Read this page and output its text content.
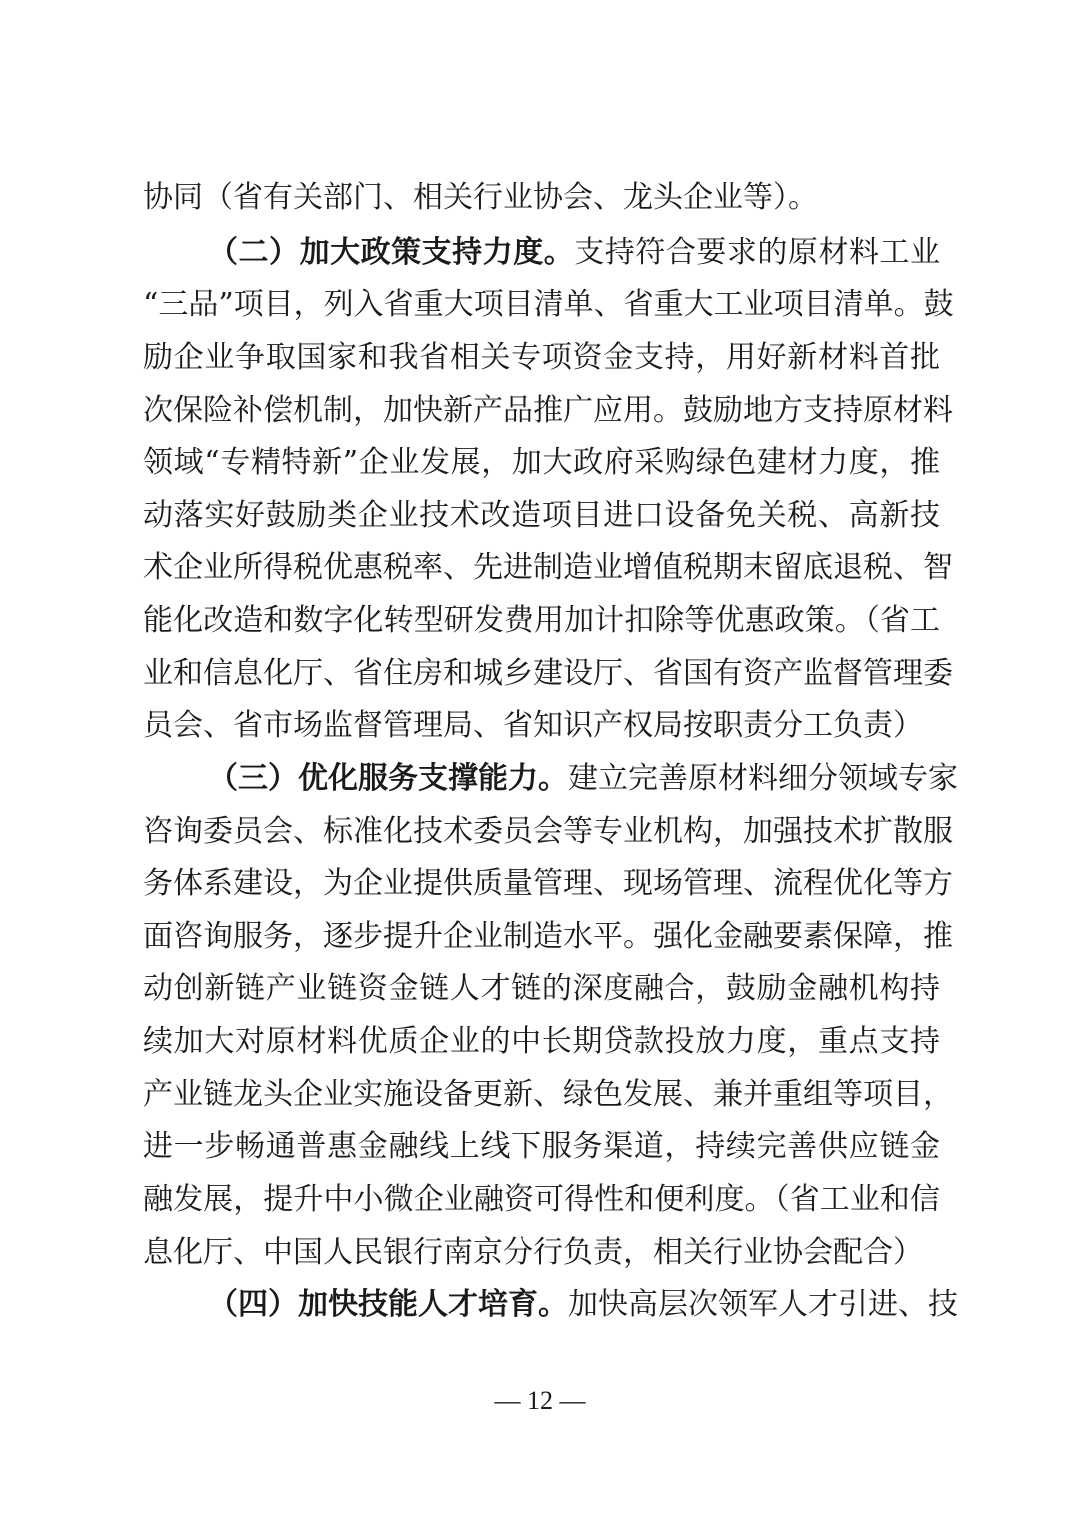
协同（省有关部门、相关行业协会、龙头企业等）。
（二）加大政策支持力度。支持符合要求的原材料工业
“三品”项目，列入省重大项目清单、省重大工业项目清单。鼓
励企业争取国家和我省相关专项资金支持，用好新材料首批
次保险补偿机制，加快新产品推广应用。鼓励地方支持原材料
领域“专精特新”企业发展，加大政府采购绿色建材力度，推
动落实好鼓励类企业技术改造项目进口设备免关税、高新技
术企业所得税优惠税率、先进制造业增值税期末留底退税、智
能化改造和数字化转型研发费用加计扣除等优惠政策。（省工
业和信息化厅、省住房和城乡建设厅、省国有资产监督管理委
员会、省市场监督管理局、省知识产权局按职责分工负责）
（三）优化服务支撑能力。建立完善原材料细分领域专家
咨询委员会、标准化技术委员会等专业机构，加强技术扩散服
务体系建设，为企业提供质量管理、现场管理、流程优化等方
面咨询服务，逐步提升企业制造水平。强化金融要素保障，推
动创新链产业链资金链人才链的深度融合，鼓励金融机构持
续加大对原材料优质企业的中长期贷款投放力度，重点支持
产业链龙头企业实施设备更新、绿色发展、兼并重组等项目，
进一步畅通普惠金融线上线下服务渠道，持续完善供应链金
融发展，提升中小微企业融资可得性和便利度。（省工业和信
息化厅、中国人民银行南京分行负责，相关行业协会配合）
（四）加快技能人才培育。加快高层次领军人才引进、技
— 12 —
